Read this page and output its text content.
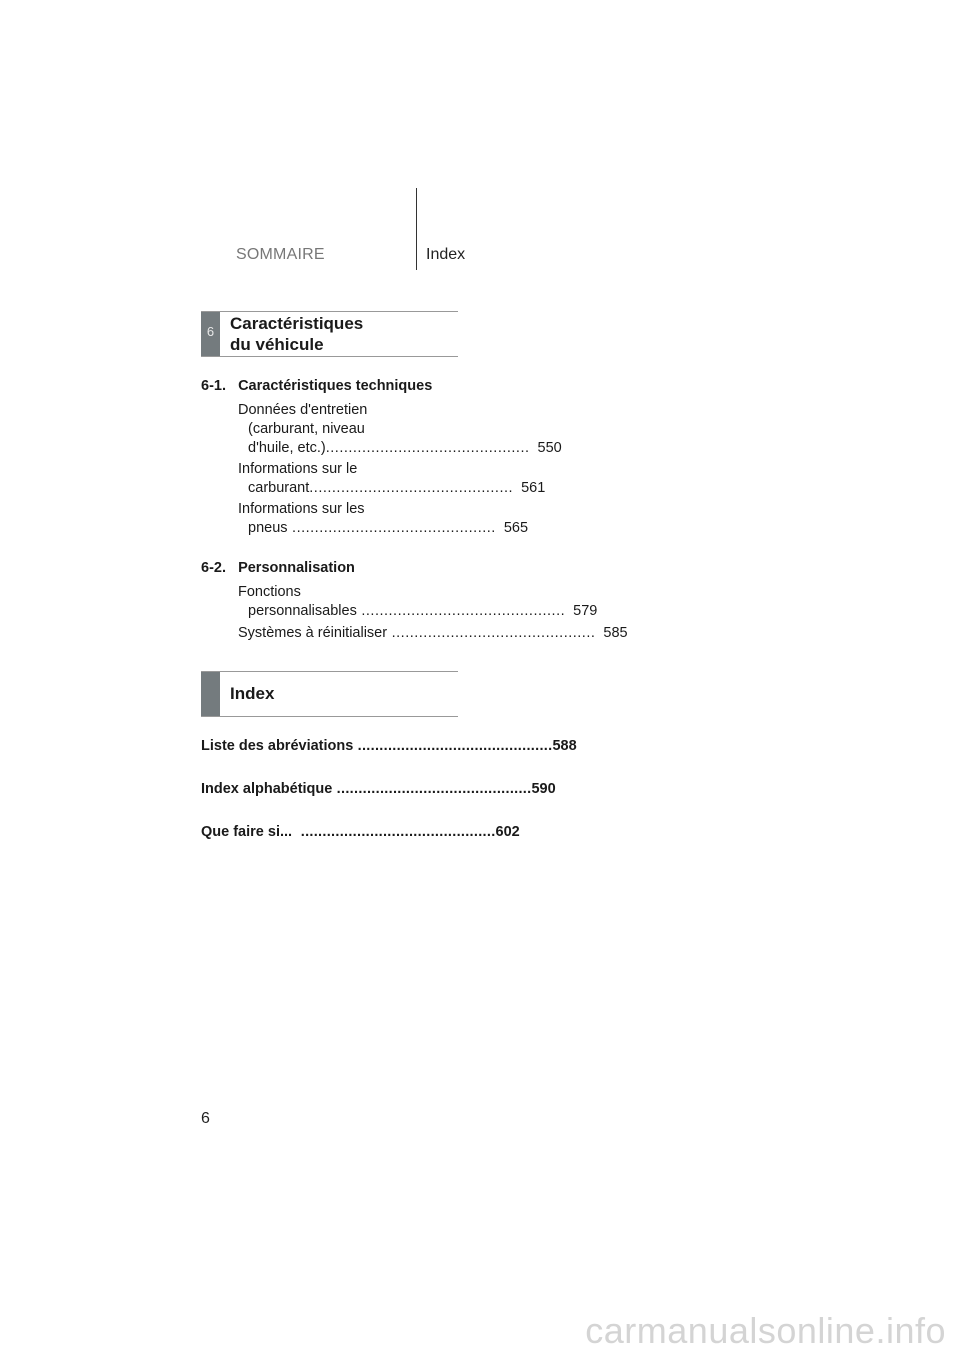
SOMMAIRE	Index
6 Caractéristiques
du véhicule
6-1.   Caractéristiques techniques
Données d'entretien
(carburant, niveau
d'huile, etc.) ............................................. 550
Informations sur le
carburant ............................................. 561
Informations sur les
pneus ............................................. 565
6-2.   Personnalisation
Fonctions
personnalisables ............................................. 579
Systèmes à réinitialiser ............................................. 585
Index
Liste des abréviations ............................................. 588
Index alphabétique ............................................. 590
Que faire si... ............................................. 602
6
carmanualsonline.info
